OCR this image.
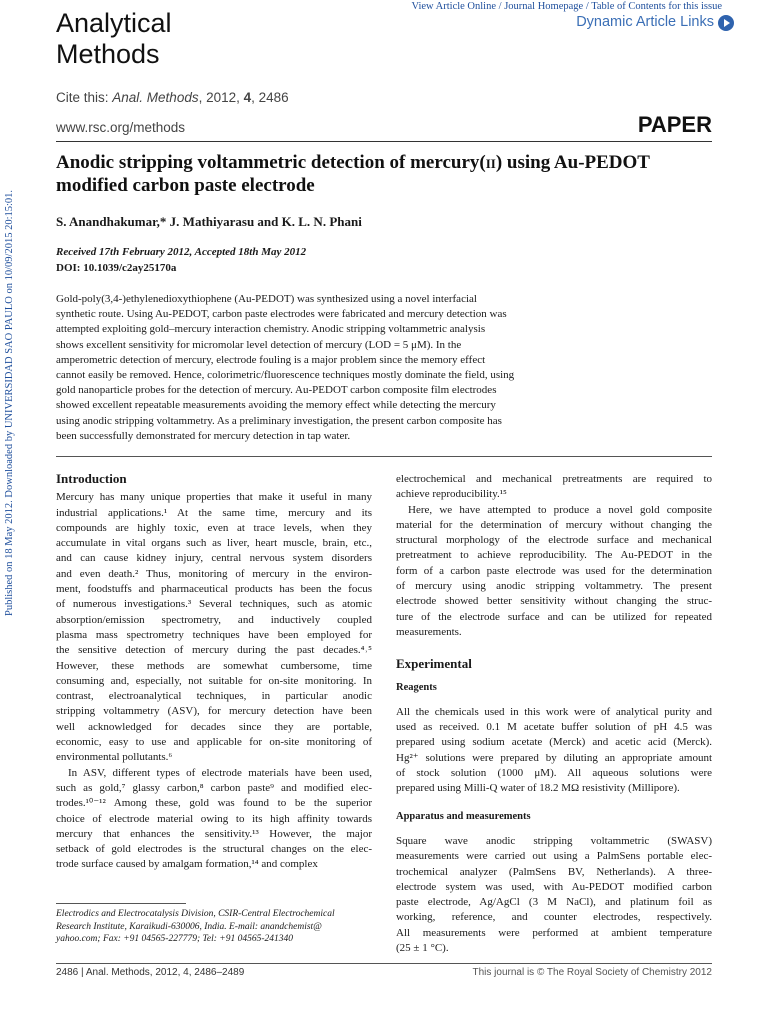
Analytical
Methods
View Article Online / Journal Homepage / Table of Contents for this issue
Dynamic Article Links
Cite this: Anal. Methods, 2012, 4, 2486
www.rsc.org/methods	PAPER
Published on 18 May 2012. Downloaded by UNIVERSIDAD SAO PAULO on 10/09/2015 20:15:01.
Anodic stripping voltammetric detection of mercury(ii) using Au-PEDOT
modified carbon paste electrode
S. Anandhakumar,* J. Mathiyarasu and K. L. N. Phani
Received 17th February 2012, Accepted 18th May 2012
DOI: 10.1039/c2ay25170a
Gold-poly(3,4-)ethylenedioxythiophene (Au-PEDOT) was synthesized using a novel interfacial
synthetic route. Using Au-PEDOT, carbon paste electrodes were fabricated and mercury detection was
attempted exploiting gold–mercury interaction chemistry. Anodic stripping voltammetric analysis
shows excellent sensitivity for micromolar level detection of mercury (LOD = 5 μM). In the
amperometric detection of mercury, electrode fouling is a major problem since the memory effect
cannot easily be removed. Hence, colorimetric/fluorescence techniques mostly dominate the field, using
gold nanoparticle probes for the detection of mercury. Au-PEDOT carbon composite film electrodes
showed excellent repeatable measurements avoiding the memory effect while detecting the mercury
using anodic stripping voltammetry. As a preliminary investigation, the present carbon composite has
been successfully demonstrated for mercury detection in tap water.
Introduction
Mercury has many unique properties that make it useful in many
industrial applications.¹ At the same time, mercury and its
compounds are highly toxic, even at trace levels, when they
accumulate in vital organs such as liver, heart muscle, brain, etc.,
and can cause kidney injury, central nervous system disorders
and even death.² Thus, monitoring of mercury in the environ-
ment, foodstuffs and pharmaceutical products has been the focus
of numerous investigations.³ Several techniques, such as atomic
absorption/emission spectrometry, and inductively coupled
plasma mass spectrometry techniques have been employed for
the sensitive detection of mercury during the past decades.⁴˒⁵
However, these methods are somewhat cumbersome, time
consuming and, especially, not suitable for on-site monitoring. In
contrast, electroanalytical techniques, in particular anodic
stripping voltammetry (ASV), for mercury detection have been
well acknowledged for decades since they are portable,
economic, easy to use and applicable for on-site monitoring of
environmental pollutants.⁶
In ASV, different types of electrode materials have been used,
such as gold,⁷ glassy carbon,⁸ carbon paste⁹ and modified elec-
trodes.¹⁰⁻¹² Among these, gold was found to be the superior
choice of electrode material owing to its high affinity towards
mercury that enhances the sensitivity.¹³ However, the major
setback of gold electrodes is the structural changes on the elec-
trode surface caused by amalgam formation,¹⁴ and complex
Electrodics and Electrocatalysis Division, CSIR-Central Electrochemical
Research Institute, Karaikudi-630006, India. E-mail: anandchemist@
yahoo.com; Fax: +91 04565-227779; Tel: +91 04565-241340
electrochemical and mechanical pretreatments are required to
achieve reproducibility.¹⁵
Here, we have attempted to produce a novel gold composite
material for the determination of mercury without changing the
structural morphology of the electrode surface and mechanical
pretreatment to achieve reproducibility. The Au-PEDOT in the
form of a carbon paste electrode was used for the determination
of mercury using anodic stripping voltammetry. The present
electrode showed better sensitivity without changing the struc-
ture of the electrode surface and can be utilized for repeated
measurements.
Experimental
Reagents
All the chemicals used in this work were of analytical purity and
used as received. 0.1 M acetate buffer solution of pH 4.5 was
prepared using sodium acetate (Merck) and acetic acid (Merck).
Hg²⁺ solutions were prepared by diluting an appropriate amount
of stock solution (1000 μM). All aqueous solutions were
prepared using Milli-Q water of 18.2 MΩ resistivity (Millipore).
Apparatus and measurements
Square wave anodic stripping voltammetric (SWASV)
measurements were carried out using a PalmSens portable elec-
trochemical analyzer (PalmSens BV, Netherlands). A three-
electrode system was used, with Au-PEDOT modified carbon
paste electrode, Ag/AgCl (3 M NaCl), and platinum foil as
working, reference, and counter electrodes, respectively.
All measurements were performed at ambient temperature
(25 ± 1 °C).
2486 | Anal. Methods, 2012, 4, 2486–2489	This journal is © The Royal Society of Chemistry 2012
